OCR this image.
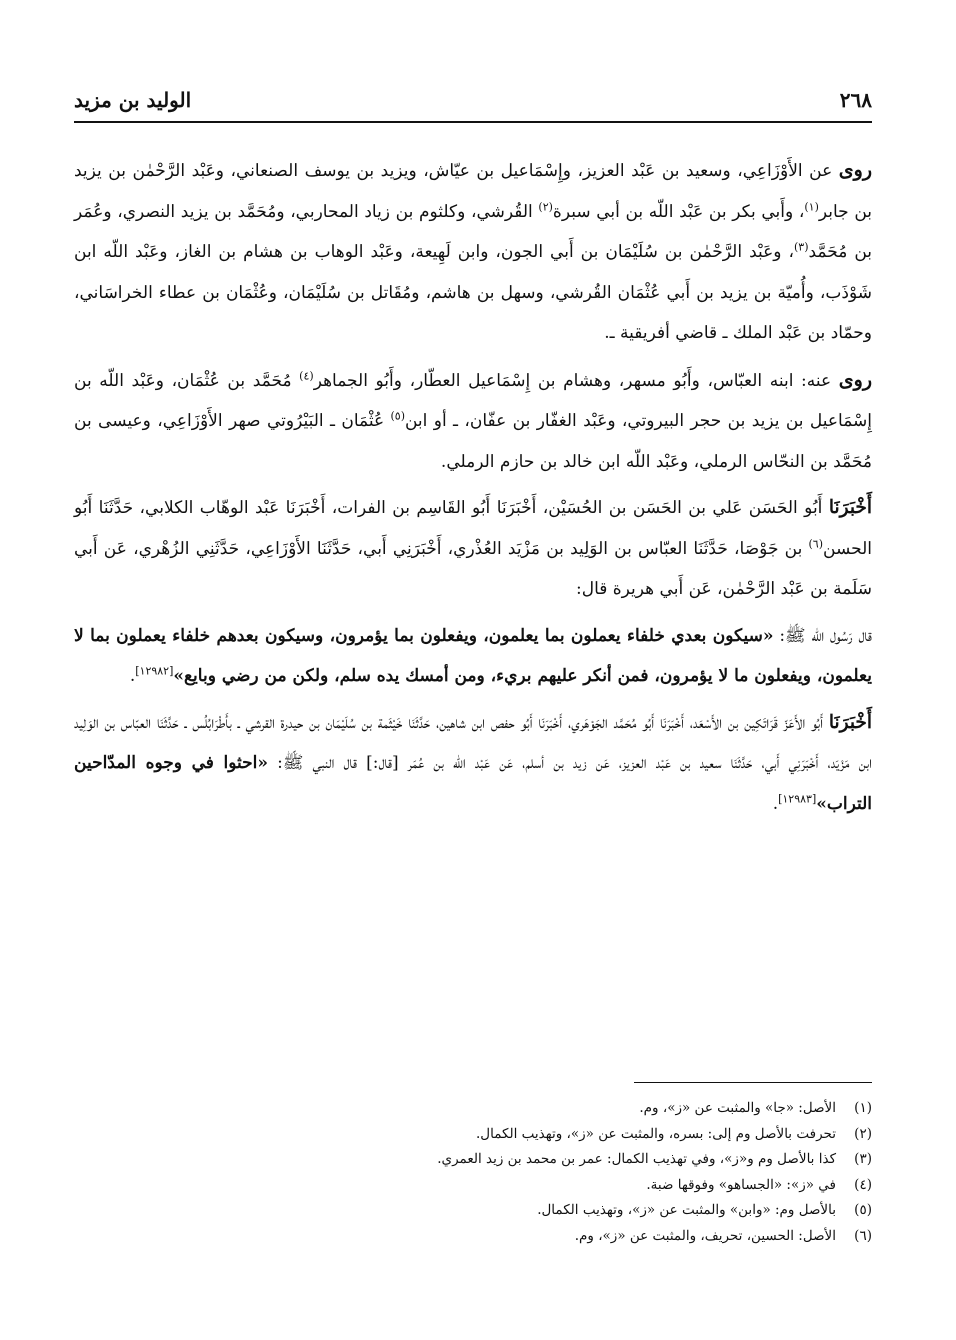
٢٦٨
الوليد بن مزيد

روى عن الأَوْزَاعِي، وسعيد بن عَبْد العزيز، وإِسْمَاعيل بن عيّاش، ويزيد بن يوسف الصنعاني، وعَبْد الرَّحْمٰن بن يزيد بن جابر$^{(١)}$، وأَبي بكر بن عَبْد اللّه بن أبي سبرة$^{(٢)}$ القُرشي، وكلثوم بن زياد المحاربي، ومُحَمَّد بن يزيد النصري، وعُمَر بن مُحَمَّد$^{(٣)}$، وعَبْد الرَّحْمٰن بن سُلَيْمَان بن أَبي الجون، وابن لَهِيعة، وعَبْد الوهاب بن هشام بن الغاز، وعَبْد اللّه ابن شَوْذَب، وأُميّة بن يزيد بن أَبي عُثْمَان القُرشي، وسهل بن هاشم، ومُقَاتل بن سُلَيْمَان، وعُثْمَان بن عطاء الخراسَاني، وحمّاد بن عَبْد الملك ـ قاضي أفريقية ـ.

روى عنه: ابنه العبّاس، وأَبُو مسهر، وهشام بن إِسْمَاعيل العطّار، وأَبُو الجماهر$^{(٤)}$ مُحَمَّد بن عُثْمَان، وعَبْد اللّه بن إِسْمَاعيل بن يزيد بن حجر البيروتي، وعَبْد الغفّار بن عفّان، ـ أو ابن$^{(٥)}$ عُثْمَان ـ البَيْرُوتي صهر الأَوْزَاعِي، وعيسى بن مُحَمَّد بن النحّاس الرملي، وعَبْد اللّه ابن خالد بن حازم الرملي.

أَخْبَرَنَا أَبُو الحَسَن عَلي بن الحَسَن بن الحُسَيْن، أَخْبَرَنَا أَبُو القَاسِم بن الفرات، أَخْبَرَنَا عَبْد الوهّاب الكلابي، حَدَّثَنَا أَبُو الحسن$^{(٦)}$ بن جَوْصَا، حَدَّثَنَا العبّاس بن الوَلِيد بن مَزْيَد العُذْري، أَخْبَرَنِي أَبي، حَدَّثَنَا الأَوْزَاعِي، حَدَّثَنِي الزُهْري، عَن أَبي سَلَمة بن عَبْد الرَّحْمٰن، عَن أَبي هريرة قال:

قال رَسُول اللّه ﷺ: «سيكون بعدي خلفاء يعملون بما يعلمون، ويفعلون بما يؤمرون، وسيكون بعدهم خلفاء يعملون بما لا يعلمون، ويفعلون ما لا يؤمرون، فمن أنكر عليهم بريء، ومن أمسك يده سلم، ولكن من رضي وبايع»[١٢٩٨٢].

أَخْبَرَنَا أَبُو الأَعَزّ قَرَاتَكِين بن الأَسْعَد، أَخْبَرَنَا أَبُو مُحَمَّد الجَوْهَري، أَخْبَرَنَا أَبُو حفص ابن شاهين، حَدَّثَنَا خَيْثَمة بن سُلَيْمَان بن حيدرة القرشي ـ بأَطْرَابُلُس ـ حَدَّثَنَا العبّاس بن الوَلِيد ابن مَزْيَد، أَخْبَرَنِي أَبي، حَدَّثَنَا سعيد بن عَبْد العزيز، عَن زيد بن أسلم، عَن عَبْد اللّه بن عُمَر [قال:] قال النبي ﷺ: «احثوا في وجوه المدّاحين التراب»[١٢٩٨٣].

(١)
الأصل: «جا» والمثبت عن «ز»، وم.
(٢)
تحرفت بالأصل وم إلى: بسره، والمثبت عن «ز»، وتهذيب الكمال.
(٣)
كذا بالأصل وم و«ز»، وفي تهذيب الكمال: عمر بن محمد بن زيد العمري.
(٤)
في «ز»: «الجساهو» وفوقها ضبة.
(٥)
بالأصل وم: «وابن» والمثبت عن «ز»، وتهذيب الكمال.
(٦)
الأصل: الحسين، تحريف، والمثبت عن «ز»، وم.
